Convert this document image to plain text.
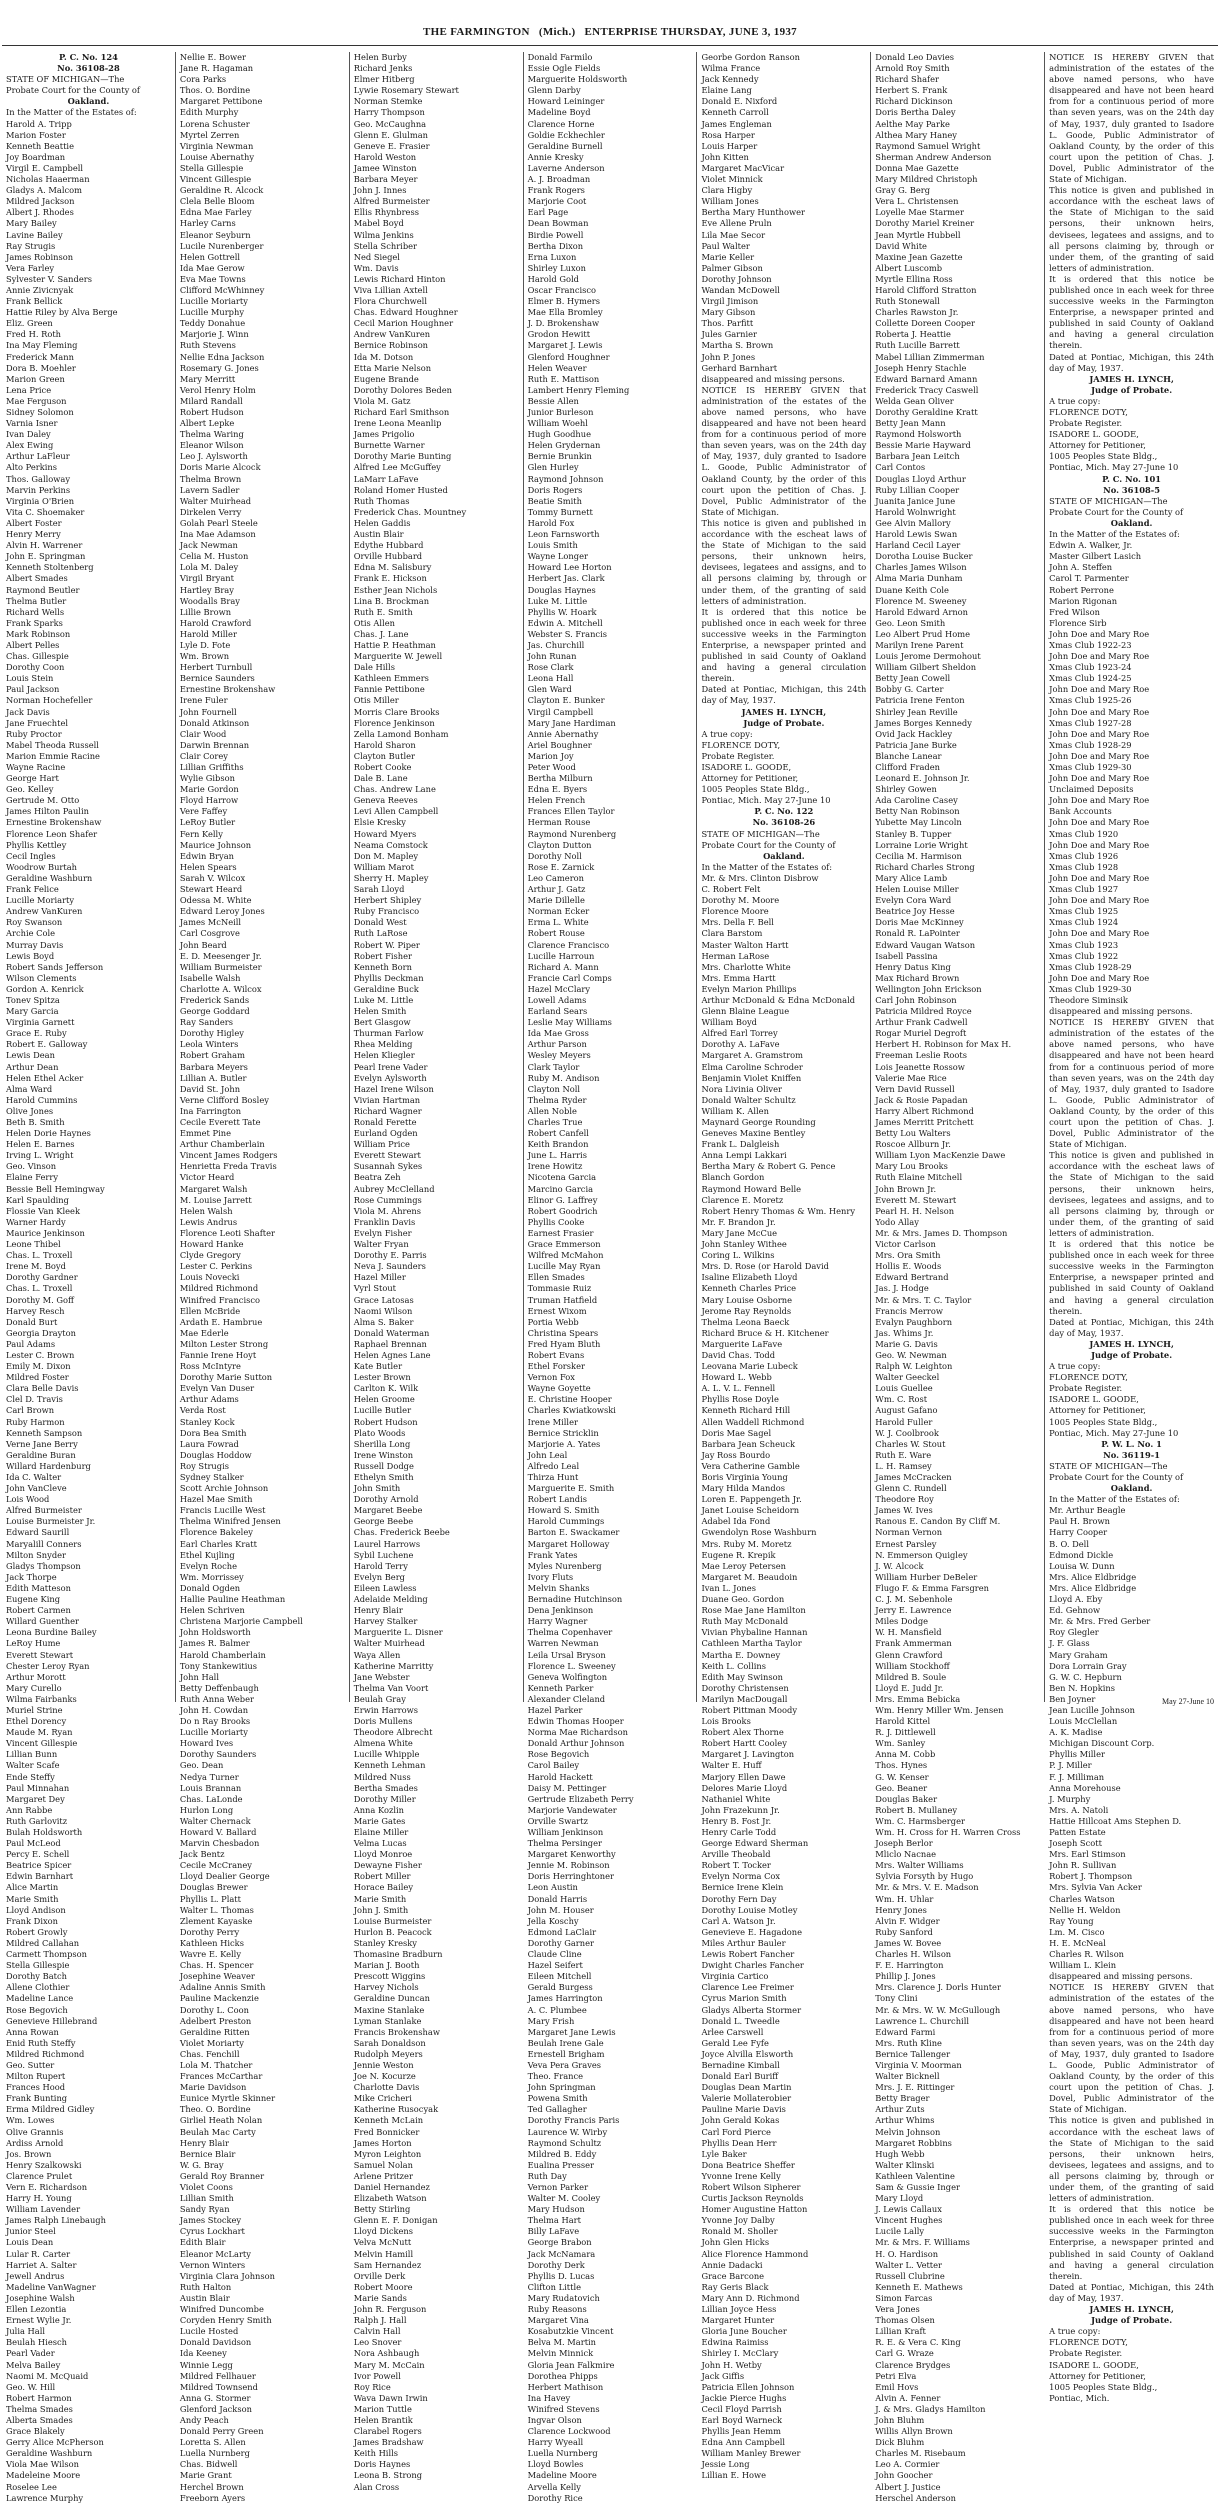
THE FARMINGTON (Mich.) ENTERPRISE THURSDAY, JUNE 3, 1937
P. C. No. 124
No. 36108-28
STATE OF MICHIGAN—The
Probate Court for the County of
Oakland.
In the Matter of the Estates of:
Harold A. Tripp
Marion Foster
Kenneth Beattie
Joy Boardman
Virgil E. Campbell
Nicholas Haaerman
Gladys A. Malcom
Mildred Jackson
Albert J. Rhodes
Mary Bailey
Lavine Bailey
Ray Strugis
James Robinson
Vera Farley
Sylvester V. Sanders
Annie Zivicnyak
Frank Bellick
Hattie Riley by Alva Berge
Eliz. Green
Fred H. Roth
Ina May Fleming
Frederick Mann
Dora B. Moehler
Marion Green
Lena Price
Mae Ferguson
Sidney Solomon
Varnia Isner
Ivan Daley
Alex Ewing
Arthur LaFleur
Alto Perkins
Thos. Galloway
Marvin Perkins
Virginia O'Brien
Vita C. Shoemaker
Albert Foster
Henry Merry
Alvin H. Warrener
John E. Springman
Kenneth Stoltenberg
Albert Smades
Raymond Beutler
Thelma Butler
Richard Wells
Frank Sparks
Mark Robinson
Albert Pelles
Chas. Gillespie
Dorothy Coon
Louis Stein
Paul Jackson
Norman Hochefeller
Jack Davis
Jane Fruechtel
Ruby Proctor
Mabel Theoda Russell
Marion Emmie Racine
Wayne Racine
George Hart
Geo. Kelley
Gertrude M. Otto
James Hilton Paulin
Ernestine Brokenshaw
Florence Leon Shafer
Phyllis Kettley
Cecil Ingles
Woodrow Burtah
Geraldine Washburn
Frank Felice
Lucille Moriarty
Andrew VanKuren
Roy Swanson
Archie Cole
Murray Davis
Lewis Boyd
Robert Sands Jefferson
Wilson Clements
Gordon A. Kenrick
Tonev Spitza
Mary Garcia
Virginia Garnett
Grace E. Ruby
Robert E. Galloway
Lewis Dean
Arthur Dean
Helen Ethel Acker
Alma Ward
Harold Cummins
Olive Jones
Beth B. Smith
Helen Dorie Haynes
Helen E. Barnes
Irving L. Wright
Geo. Vinson
Elaine Ferry
Bessie Bell Hemingway
Karl Spaulding
Flossie Van Kleek
Warner Hardy
Maurice Jenkinson
Leone Thibel
Chas. L. Troxell
Irene M. Boyd
Dorothy Gardner
Chas. L. Troxell
Dorothy M. Goff
Harvey Resch
Donald Burt
Georgia Drayton
Paul Adams
Lester C. Brown
Emily M. Dixon
Mildred Foster
Clara Belle Davis
Clel D. Travis
Carl Brown
Ruby Harmon
Kenneth Sampson
Verne Jane Berry
Geraldine Buran
Willard Hardenburg
Ida C. Walter
John VanCleve
Lois Wood
Alfred Burmeister
Louise Burmeister Jr.
Edward Saurill
Maryalill Conners
Milton Snyder
Gladys Thompson
Jack Thorpe
Edith Matteson
Eugene King
Robert Carmen
Willard Guenther
Leona Burdine Bailey
LeRoy Hume
Everett Stewart
Chester Leroy Ryan
Arthur Morott
Mary Curello
Wilma Fairbanks
Muriel Strine
Ethel Dorency
Maude M. Ryan
Vincent Gillespie
Lillian Bunn
Walter Scafe
Ende Steffy
Paul Minnahan
Margaret Dey
Ann Rabbe
Ruth Garlovitz
Bulah Holdsworth
Paul McLeod
Percy E. Schell
Beatrice Spicer
Edwin Barnhart
Alice Martin
Marie Smith
Lloyd Andison
Frank Dixon
Robert Growly
Mildred Callahan
Carmett Thompson
Stella Gillespie
Dorothy Batch
Allene Clothier
Madeline Lance
Rose Begovich
Genevieve Hillebrand
Anna Rowan
Enid Ruth Steffy
Mildred Richmond
Geo. Sutter
Milton Rupert
Frances Hood
Frank Bunting
Erma Mildred Gidley
Wm. Lowes
Olive Grannis
Ardiss Arnold
Jos. Brown
Henry Szalkowski
Clarence Prulet
Vern E. Richardson
Harry H. Young
William Lavender
James Ralph Linebaugh
Junior Steel
Louis Dean
Lular R. Carter
Harriet A. Salter
Jewell Andrus
Madeline VanWagner
Josephine Walsh
Ellen Lezontia
Ernest Wylie Jr.
Julia Hall
Beulah Hiesch
Pearl Vader
Melva Bailey
Naomi M. McQuaid
Geo. W. Hill
Robert Harmon
Thelma Smades
Alberta Smades
Grace Blakely
Gerry Alice McPherson
Geraldine Washburn
Viola Mae Wilson
Madeleine Moore
Roselee Lee
Lawrence Murphy
Nellie E. Bower
Jane R. Hagaman
Cora Parks
Thos. O. Bordine
Margaret Pettibone
Edith Murphy
Lorena Schuster
Myrtel Zerren
Virginia Newman
Louise Abernathy
Stella Gillespie
Vincent Gillespie
Geraldine R. Alcock
Clela Belle Bloom
Edna Mae Farley
Harley Carns
Eleanor Seyburn
Lucile Nurenberger
Helen Gottrell
Ida Mae Gerow
Eva Mae Towns
Clifford McWhinney
Lucille Moriarty
Lucille Murphy
Teddy Donahue
Marjorie J. Winn
Ruth Stevens
Nellie Edna Jackson
Rosemary G. Jones
Mary Merritt
Verol Henry Holm
Milard Randall
Robert Hudson
Albert Lepke
Thelma Waring
Eleanor Wilson
Leo J. Aylsworth
Doris Marie Alcock
Thelma Brown
Lavern Sadler
Walter Muirhead
Dirkelen Verry
Golah Pearl Steele
Ina Mae Adamson
Jack Newman
Celia M. Huston
Lola M. Daley
Virgil Bryant
Hartley Bray
Woodalls Bray
Lillie Brown
Harold Crawford
Harold Miller
Lyle D. Fote
Wm. Brown
Herbert Turnbull
Bernice Saunders
Ernestine Brokenshaw
Irene Fuler
John Fournell
Donald Atkinson
Clair Wood
Darwin Brennan
Clair Corey
Lillian Griffiths
Wylie Gibson
Marie Gordon
Floyd Harrow
Vere Faffey
LeRoy Butler
Fern Kelly
Maurice Johnson
Edwin Bryan
Helen Spears
Sarah V. Wilcox
Stewart Heard
Odessa M. White
Edward Leroy Jones
James McNeill
Carl Cosgrove
John Beard
E. D. Meesenger Jr.
William Burmeister
Isabelle Walsh
Charlotte A. Wilcox
Frederick Sands
George Goddard
Ray Sanders
Dorothy Higley
Leola Winters
Robert Graham
Barbara Meyers
Lillian A. Butler
David St. John
Verne Clifford Bosley
Ina Farrington
Cecile Everett Tate
Emmet Pine
Arthur Chamberlain
Vincent James Rodgers
Henrietta Freda Travis
Victor Heard
Margaret Walsh
M. Louise Jarrett
Helen Walsh
Lewis Andrus
Florence Leoti Shafter
Howard Hanke
Clyde Gregory
Lester C. Perkins
Louis Novecki
Mildred Richmond
Winifred Francisco
Ellen McBride
Ardath E. Hambrue
Mae Ederle
Milton Lester Strong
Fannie Irene Hoyt
Ross McIntyre
Dorothy Marie Sutton
Evelyn Van Duser
Arthur Adams
Verda Rost
Stanley Kock
Dora Bea Smith
Laura Fowrad
Douglas Hoddow
Roy Strugis
Sydney Stalker
Scott Archie Johnson
Hazel Mae Smith
Francis Lucille West
Thelma Winifred Jensen
Florence Bakeley
Earl Charles Kratt
Ethel Kujling
Evelyn Roche
Wm. Morrissey
Donald Ogden
Hallie Pauline Heathman
Helen Schriven
Christena Marjorie Campbell
John Holdsworth
James R. Balmer
Harold Chamberlain
Tony Stankewitius
John Hall
Betty Deffenbaugh
Ruth Anna Weber
John H. Cowdan
Do n Ray Brooks
Lucille Moriarty
Howard Ives
Dorothy Saunders
Geo. Dean
Nedya Turner
Louis Brannan
Chas. LaLonde
Hurlon Long
Walter Chernack
Howard V. Ballard
Marvin Chesbadon
Jack Bentz
Cecile McCraney
Lloyd Dealier George
Douglas Brewer
Phyllis L. Platt
Walter L. Thomas
Zlement Kayaske
Dorothy Perry
Kathleen Hicks
Wavre E. Kelly
Chas. H. Spencer
Josephine Weaver
Adaline Annis Smith
Pauline Mackenzie
Dorothy L. Coon
Adelbert Preston
Geraldine Ritten
Violet Moriarty
Chas. Fenchill
Lola M. Thatcher
Frances McCarthar
Marie Davidson
Eunice Myrtle Skinner
Theo. O. Bordine
Girliel Heath Nolan
Beulah Mac Carty
Henry Blair
Bernice Blair
W. G. Bray
Gerald Roy Branner
Violet Coons
Lillian Smith
Sandy Ryan
James Stockey
Cyrus Lockhart
Edith Blair
Eleanor McLarty
Vernon Winters
Virginia Clara Johnson
Ruth Halton
Austin Blair
Winifred Duncombe
Coryden Henry Smith
Lucile Hosted
Donald Davidson
Ida Keeney
Winnie Legg
Mildred Fellhauer
Mildred Townsend
Anna G. Stormer
Glenford Jackson
Andy Peach
Donald Perry Green
Loretta S. Allen
Luella Nurnberg
Chas. Bidwell
Marie Grant
Herchel Brown
Freeborn Ayers
Helen Burby
Richard Jenks
Elmer Hitberg
Lywie Rosemary Stewart
Norman Stemke
Harry Thompson
Geo. McCaughna
Glenn E. Glulman
Geneve E. Frasier
Harold Weston
Jamee Winston
Barbara Meyer
John J. Innes
Alfred Burmeister
Ellis Rhynbress
Mabel Boyd
Wilma Jenkins
Stella Schriber
Ned Siegel
Wm. Davis
Lewis Richard Hinton
Viva Lillian Axtell
Flora Churchwell
Chas. Edward Houghner
Cecil Marion Houghner
Andrew VanKuren
Bernice Robinson
Ida M. Dotson
Etta Marie Nelson
Eugene Brande
Dorothy Dolores Beden
Viola M. Gatz
Richard Earl Smithson
Irene Leona Meanlip
James Prigolio
Burnette Warner
Dorothy Marie Bunting
Alfred Lee McGuffey
LaMarr LaFave
Roland Homer Husted
Ruth Thomas
Frederick Chas. Mountney
Helen Gaddis
Austin Blair
Edythe Hubbard
Orville Hubbard
Edna M. Salisbury
Frank E. Hickson
Esther Jean Nichols
Lina B. Brockman
Ruth E. Smith
Otis Allen
Chas. J. Lane
Hattie P. Heathman
Marguerite W. Jewell
Dale Hills
Kathleen Emmers
Fannie Pettibone
Otis Miller
Morris Clare Brooks
Florence Jenkinson
Zella Lamond Bonham
Harold Sharon
Clayton Butler
Robert Cooke
Dale B. Lane
Chas. Andrew Lane
Geneva Reeves
Levi Allen Campbell
Elsie Kresky
Howard Myers
Neama Comstock
Don M. Mapley
William Marot
Sherry H. Mapley
Sarah Lloyd
Herbert Shipley
Ruby Francisco
Donald West
Ruth LaRose
Robert W. Piper
Robert Fisher
Kenneth Born
Phyllis Deckman
Geraldine Buck
Luke M. Little
Helen Smith
Bert Glasgow
Thurman Farlow
Rhea Melding
Helen Kliegler
Pearl Irene Vader
Evelyn Aylsworth
Hazel Irene Wilson
Vivian Hartman
Richard Wagner
Ronald Ferette
Eurland Ogden
William Price
Everett Stewart
Susannah Sykes
Beatra Zeh
Aubrey McClelland
Rose Cummings
Viola M. Ahrens
Franklin Davis
Evelyn Fisher
Walter Fryan
Dorothy E. Parris
Neva J. Saunders
Hazel Miller
Vyrl Stout
Grace Latosas
Naomi Wilson
Alma S. Baker
Donald Waterman
Raphael Brennan
Helen Agnes Lane
Kate Butler
Lester Brown
Carlton K. Wilk
Helen Groome
Lucille Butler
Robert Hudson
Plato Woods
Sherilla Long
Irene Winston
Russell Dodge
Ethelyn Smith
John Smith
Dorothy Arnold
Margaret Beebe
George Beebe
Chas. Frederick Beebe
Laurel Harrows
Sybil Luchene
Harold Terry
Evelyn Berg
Eileen Lawless
Adelaide Melding
Henry Blair
Harvey Stalker
Marguerite L. Disner
Walter Muirhead
Waya Allen
Katherine Marritty
Jane Webster
Thelma Van Voort
Beulah Gray
Erwin Harrows
Doris Mullens
Theodore Albrecht
Almena White
Lucille Whipple
Kenneth Lehman
Mildred Nuss
Bertha Smades
Dorothy Miller
Anna Kozlin
Marie Gates
Elaine Miller
Velma Lucas
Lloyd Monroe
Dewayne Fisher
Robert Miller
Horace Bailey
Marie Smith
John J. Smith
Louise Burmeister
Hurlon B. Peacock
Stanley Kresky
Thomasine Bradburn
Marian J. Booth
Prescott Wiggins
Harvey Nichols
Geraldine Duncan
Maxine Stanlake
Lyman Stanlake
Francis Brokenshaw
Sarah Donaldson
Rudolph Meyers
Jennie Weston
Joe N. Kocurze
Charlotte Davis
Mike Cricheri
Katherine Rusocyak
Kenneth McLain
Fred Bonnicker
James Horton
Myron Leighton
Samuel Nolan
Arlene Pritzer
Daniel Hernandez
Elizabeth Watson
Betty Stirling
Glenn E. F. Donigan
Lloyd Dickens
Velva McNutt
Melvin Hamill
Sam Hernandez
Orville Derk
Robert Moore
Marie Sands
John R. Ferguson
Ralph J. Hall
Calvin Hall
Leo Snover
Nora Ashbaugh
Mary M. McCain
Ivor Powell
Roy Rice
Wava Dawn Irwin
Marion Tuttle
Helen Brantik
Clarabel Rogers
James Bradshaw
Keith Hills
Doris Haynes
Leona B. Strong
Alan Cross
Donald Farmilo
Essie Ogle Fields
Marguerite Holdsworth
Glenn Darby
Howard Leininger
Madeline Boyd
Clarence Horne
Goldie Eckhechler
Geraldine Burnell
Annie Kresky
Laverne Anderson
A. J. Broadman
Frank Rogers
Marjorie Coot
Earl Page
Dean Bowman
Birdie Powell
Bertha Dixon
Erna Luxon
Shirley Luxon
Harold Gold
Oscar Francisco
Elmer B. Hymers
Mae Ella Bromley
J. D. Brokenshaw
Grodon Hewitt
Margaret J. Lewis
Glenford Houghner
Helen Weaver
Ruth E. Mattison
Lambert Henry Fleming
Bessie Allen
Junior Burleson
William Woehl
Hugh Goodhue
Helen Grydernan
Bernie Brunkin
Glen Hurley
Raymond Johnson
Doris Rogers
Beatie Smith
Tommy Burnett
Harold Fox
Leon Farnsworth
Louis Smith
Wayne Longer
Howard Lee Horton
Herbert Jas. Clark
Douglas Haynes
Luke M. Little
Phyllis W. Hoark
Edwin A. Mitchell
Webster S. Francis
Jas. Churchill
John Runan
Rose Clark
Leona Hall
Glen Ward
Clayton E. Bunker
Virgil Campbell
Mary Jane Hardiman
Annie Abernathy
Ariel Boughner
Marion Joy
Peter Wood
Bertha Milburn
Edna E. Byers
Helen French
Frances Ellen Taylor
Herman Rouse
Raymond Nurenberg
Clayton Dutton
Dorothy Noll
Rose E. Zarnick
Leo Cameron
Arthur J. Gatz
Marie Dillelle
Norman Ecker
Erma L. White
Robert Rouse
Clarence Francisco
Lucille Harroun
Richard A. Mann
Francie Carl Comps
Hazel McClary
Lowell Adams
Earland Sears
Leslie May Williams
Ida Mae Gross
Arthur Parson
Wesley Meyers
Clark Taylor
Ruby M. Andison
Clayton Noll
Thelma Ryder
Allen Noble
Charles True
Robert Canfell
Keith Brandon
June L. Harris
Irene Howitz
Nicotena Garcia
Marcino Garcia
Elinor G. Laffrey
Robert Goodrich
Phyllis Cooke
Earnest Frasier
Grace Emmerson
Wilfred McMahon
Lucille May Ryan
Ellen Smades
Tommasie Ruiz
Truman Hatfield
Ernest Wixom
Portia Webb
Christina Spears
Fred Hyam Bluth
Robert Evans
Ethel Forsker
Vernon Fox
Wayne Goyette
E. Christine Hooper
Charles Kwiatkowski
Irene Miller
Bernice Stricklin
Marjorie A. Yates
John Leal
Alfredo Leal
Thirza Hunt
Marguerite E. Smith
Robert Landis
Howard S. Smith
Harold Cummings
Barton E. Swackamer
Margaret Holloway
Frank Yates
Myles Nurenberg
Ivory Fluts
Melvin Shanks
Bernadine Hutchinson
Dena Jenkinson
Harry Wagner
Thelma Copenhaver
Warren Newman
Leila Ursal Bryson
Florence L. Sweeney
Geneva Wolfington
Kenneth Parker
Alexander Cleland
Hazel Parker
Edwin Thomas Hooper
Norma Mae Richardson
Donald Arthur Johnson
Rose Begovich
Carol Bailey
Harold Hackett
Daisy M. Pettinger
Gertrude Elizabeth Perry
Marjorie Vandewater
Orville Swartz
William Jenkinson
Thelma Persinger
Margaret Kenworthy
Jennie M. Robinson
Doris Herringhtoner
Leon Austin
Donald Harris
John M. Houser
Jella Koschy
Edmond LaClair
Dorothy Garner
Claude Cline
Hazel Seifert
Eileen Mitchell
Gerald Burgess
James Harrington
A. C. Plumbee
Mary Frish
Margaret Jane Lewis
Beulah Irene Gale
Ernestell Brigham
Veva Pera Graves
Theo. France
John Springman
Powena Smith
Ted Gallagher
Dorothy Francis Paris
Laurence W. Wirby
Raymond Schultz
Mildred B. Eddy
Eualina Presser
Ruth Day
Vernon Parker
Walter M. Cooley
Mary Hudson
Thelma Hart
Billy LaFave
George Brabon
Jack McNamara
Dorothy Derk
Phyllis D. Lucas
Clifton Little
Mary Rudatovich
Ruby Reasons
Margaret Vina
Kosabutzkie Vincent
Belva M. Martin
Melvin Minnick
Gloria Jean Falkmire
Dorothea Phipps
Herbert Mathison
Ina Havey
Winifred Stevens
Ingvar Olson
Clarence Lockwood
Harry Wyeall
Luella Nurnberg
Lloyd Bowles
Madeline Moore
Arvella Kelly
Dorothy Rice
Georbe Gordon Ranson
Wilma France
Jack Kennedy
Elaine Lang
Donald E. Nixford
Kenneth Carroll
James Engleman
Rosa Harper
Louis Harper
John Kitten
Margaret MacVicar
Violet Minnick
Clara Higby
William Jones
Bertha Mary Hunthower
Eve Allene Pruln
Lila Mae Secor
Paul Walter
Marie Keller
Palmer Gibson
Dorothy Johnson
Wandan McDowell
Virgil Jimison
Mary Gibson
Thos. Parfitt
Jules Garnier
Martha S. Brown
John P. Jones
Gerhard Barnhart
disappeared and missing persons.
NOTICE IS HEREBY GIVEN that administration of the estates of the above named persons, who have disappeared and have not been heard from for a continuous period of more than seven years, was on the 24th day of May, 1937, duly granted to Isadore L. Goode, Public Administrator of Oakland County, by the order of this court upon the petition of Chas. J. Dovel, Public Administrator of the State of Michigan.
This notice is given and published in accordance with the escheat laws of the State of Michigan to the said persons, their unknown heirs, devisees, legatees and assigns, and to all persons claiming by, through or under them, of the granting of said letters of administration.
It is ordered that this notice be published once in each week for three successive weeks in the Farmington Enterprise, a newspaper printed and published in said County of Oakland and having a general circulation therein.
Dated at Pontiac, Michigan, this 24th day of May, 1937.
JAMES H. LYNCH,
Judge of Probate.
A true copy:
FLORENCE DOTY,
Probate Register.
ISADORE L. GOODE,
Attorney for Petitioner,
1005 Peoples State Bldg.,
Pontiac, Mich. May 27-June 10
P. C. No. 122
No. 36108-26
STATE OF MICHIGAN—The
Probate Court for the County of
Oakland.
In the Matter of the Estates of:
Mr. & Mrs. Clinton Disbrow
C. Robert Felt
Dorothy M. Moore
Florence Moore
Mrs. Della F. Bell
Clara Barstom
Master Walton Hartt
Herman LaRose
Mrs. Charlotte White
Mrs. Emma Hartt
Evelyn Marion Phillips
Arthur McDonald & Edna McDonald
Glenn Blaine League
William Boyd
Alfred Earl Torrey
Dorothy A. LaFave
Margaret A. Gramstrom
Elma Caroline Schroder
Benjamin Violet Kniffen
Nora Livinia Oliver
Donald Walter Schultz
William K. Allen
Maynard George Rounding
Geneves Maxine Bentley
Frank L. Dalgleish
Anna Lempi Lakkari
Bertha Mary & Robert G. Pence
Blanch Gordon
Raymond Howard Belle
Clarence E. Moretz
Robert Henry Thomas & Wm. Henry
Mr. F. Brandon Jr.
Mary Jane McCue
John Stanley Withee
Coring L. Wilkins
Mrs. D. Rose (or Harold David
Isaline Elizabeth Lloyd
Kenneth Charles Price
Mary Louise Osborne
Jerome Ray Reynolds
Thelma Leona Baeck
Richard Bruce & H. Kitchener
Marguerite LaFave
David Chas. Todd
Leovana Marie Lubeck
Howard L. Webb
A. L. V. L. Fennell
Phyllis Rose Doyle
Kenneth Richard Hill
Allen Waddell Richmond
Doris Mae Sagel
Barbara Jean Scheuck
Jay Ross Bourdo
Vera Catherine Gamble
Boris Virginia Young
Mary Hilda Mandos
Loren E. Pappengeth Jr.
Janet Louise Scheidorn
Adabel Ida Fond
Gwendolyn Rose Washburn
Mrs. Ruby M. Moretz
Eugene R. Krepik
Mae Leroy Petersen
Margaret M. Beaudoin
Ivan L. Jones
Duane Geo. Gordon
Rose Mae Jane Hamilton
Ruth May McDonald
Vivian Phybaline Hannan
Cathleen Martha Taylor
Martha E. Downey
Keith L. Collins
Edith May Swinson
Dorothy Christensen
Marilyn MacDougall
Robert Pittman Moody
Lois Brooks
Robert Alex Thorne
Robert Hartt Cooley
Margaret J. Lavington
Walter E. Huff
Marjory Ellen Dawe
Delores Marie Lloyd
Nathaniel White
John Frazekunn Jr.
Henry B. Fost Jr.
Henry Carle Todd
George Edward Sherman
Arville Theobald
Robert T. Tocker
Evelyn Norma Cox
Bernice Irene Klein
Dorothy Fern Day
Dorothy Louise Motley
Carl A. Watson Jr.
Genevieve E. Hagadone
Miles Arthur Bauler
Lewis Robert Fancher
Dwight Charles Fancher
Virginia Cartico
Clarence Lee Freimer
Cyrus Marion Smith
Gladys Alberta Stormer
Donald L. Tweedle
Arlee Carswell
Gerald Lee Fyfe
Joyce Alvilla Elsworth
Bernadine Kimball
Donald Earl Buriff
Douglas Dean Martin
Valerie Mollaterobier
Pauline Marie Davis
John Gerald Kokas
Carl Ford Pierce
Phyllis Dean Herr
Lyle Baker
Dona Beatrice Sheffer
Yvonne Irene Kelly
Robert Wilson Sipherer
Curtis Jackson Reynolds
Homer Augustine Hatton
Yvonne Joy Dalby
Ronald M. Sholler
John Glen Hicks
Alice Florence Hammond
Annie Dadacki
Grace Barcone
Ray Geris Black
Mary Ann D. Richmond
Lillian Joyce Hess
Margaret Hunter
Gloria June Boucher
Edwina Raimiss
Shirley I. McClary
John H. Wetby
Jack Giffis
Patricia Ellen Johnson
Jackie Pierce Hughs
Cecil Floyd Parrish
Earl Boyd Warneck
Phyllis Jean Hemm
Edna Ann Campbell
William Manley Brewer
Jessie Long
Lillian E. Howe
Donald Leo Davies
Arnold Roy Smith
Richard Shafer
Herbert S. Frank
Richard Dickinson
Doris Bertha Daley
Aelthe May Parke
Althea Mary Haney
Raymond Samuel Wright
Sherman Andrew Anderson
Donna Mae Gazette
Mary Mildred Christoph
Gray G. Berg
Vera L. Christensen
Loyelle Mae Starmer
Dorothy Mariel Kreiner
Jean Myrtle Hubbell
David White
Maxine Jean Gazette
Albert Luscomb
Myrtle Ellina Ross
Harold Clifford Stratton
Ruth Stonewall
Charles Rawston Jr.
Collette Doreen Cooper
Roberta J. Heattie
Ruth Lucille Barrett
Mabel Lillian Zimmerman
Joseph Henry Stachle
Edward Barnard Amann
Frederick Tracy Caswell
Welda Gean Oliver
Dorothy Geraldine Kratt
Betty Jean Mann
Raymond Holsworth
Bessie Marie Hayward
Barbara Jean Leitch
Carl Contos
Douglas Lloyd Arthur
Ruby Lillian Cooper
Juanita Janice June
Harold Wolnwright
Gee Alvin Mallory
Harold Lewis Swan
Harland Cecil Layer
Dorotha Louise Bucker
Charles James Wilson
Alma Maria Dunham
Duane Keith Cole
Florence M. Sweeney
Harold Edward Arnon
Geo. Leon Smith
Leo Albert Prud Home
Marilyn Irene Parent
Louis Jerome Dermohout
William Gilbert Sheldon
Betty Jean Cowell
Bobby G. Carter
Patricia Irene Fenton
Shirley Jean Reville
James Borges Kennedy
Ovid Jack Hackley
Patricia Jane Burke
Blanche Lanear
Clifford Fraden
Leonard E. Johnson Jr.
Shirley Gowen
Ada Caroline Casey
Betty Nan Robinson
Yubette May Lincoln
Stanley B. Tupper
Lorraine Lorie Wright
Cecilia M. Harmison
Richard Charles Strong
Mary Alice Lamb
Helen Louise Miller
Evelyn Cora Ward
Beatrice Joy Hesse
Doris Mae McKinney
Ronald R. LaPointer
Edward Vaugan Watson
Isabell Passina
Henry Datus King
Max Richard Brown
Wellington John Erickson
Carl John Robinson
Patricia Mildred Royce
Arthur Frank Cadwell
Rogar Muriel Degroft
Herbert H. Robinson for Max H.
Freeman Leslie Roots
Lois Jeanette Rossow
Valerie Mae Rice
Vern David Russell
Jack & Rosie Papadan
Harry Albert Richmond
James Merritt Pritchett
Betty Lou Walters
Roscoe Allburn Jr.
William Lyon MacKenzie Dawe
Mary Lou Brooks
Ruth Elaine Mitchell
John Brown Jr.
Everett M. Stewart
Pearl H. H. Nelson
Yodo Allay
Mr. & Mrs. James D. Thompson
Victor Carlson
Mrs. Ora Smith
Hollis E. Woods
Edward Bertrand
Jas. J. Hodge
Mr. & Mrs. T. C. Taylor
Francis Merrow
Evalyn Paughborn
Jas. Whims Jr.
Marie G. Davis
Geo. W. Newman
Ralph W. Leighton
Walter Geeckel
Louis Guellee
Wm. C. Rost
August Gafano
Harold Fuller
W. J. Coolbrook
Charles W. Stout
Ruth E. Ware
L. H. Ramsey
James McCracken
Glenn C. Rundell
Theodore Roy
James W. Ives
Ranous E. Candon By Cliff M.
Norman Vernon
Ernest Parsley
N. Emmerson Quigley
J. W. Alcock
William Hurber DeBeler
Flugo F. & Emma Farsgren
C. J. M. Sebenhole
Jerry E. Lawrence
Miles Dodge
W. H. Mansfield
Frank Ammerman
Glenn Crawford
William Stockhoff
Mildred B. Soule
Lloyd E. Judd Jr.
Mrs. Emma Bebicka
Wm. Henry Miller Wm. Jensen
Harold Kittel
R. J. Dittlewell
Wm. Sanley
Anna M. Cobb
Thos. Hynes
G. W. Kenser
Geo. Beaner
Douglas Baker
Robert B. Mullaney
Wm. C. Harmsberger
Wm. H. Cross for H. Warren Cross
Joseph Berlor
Mliclo Nacnae
Mrs. Walter Williams
Sylvia Forsyth by Hugo
Mr. & Mrs. V. E. Madson
Wm. H. Uhlar
Henry Jones
Alvin F. Widger
Ruby Sanford
James W. Bovee
Charles H. Wilson
F. E. Harrington
Phillip J. Jones
Mrs. Clarence J. Dorls Hunter
Tony Clini
Mr. & Mrs. W. W. McGullough
Lawrence L. Churchill
Edward Farmi
Mrs. Ruth Kline
Bernice Tallenger
Virginia V. Moorman
Walter Bicknell
Mrs. J. E. Rittinger
Betty Brager
Arthur Zuts
Arthur Whims
Melvin Johnson
Margaret Robbins
Hugh Webb
Walter Klinski
Kathleen Valentine
Sam & Gussie Inger
Mary Lloyd
J. Lewis Callaux
Vincent Hughes
Lucile Lally
Mr. & Mrs. F. Williams
H. O. Hardison
Walter L. Vetter
Russell Clubrine
Kenneth E. Mathews
Simon Farcas
Vera Jones
Thomas Olsen
Lillian Kraft
R. E. & Vera C. King
Carl G. Wraze
Clarence Brydges
Petri Elva
Emil Hovs
Alvin A. Fenner
J. & Mrs. Gladys Hamilton
John Bluhm
Willis Allyn Brown
Dick Bluhm
Charles M. Risebaum
Leo A. Cormier
John Goocher
Albert J. Justice
Herschel Anderson
NOTICE IS HEREBY GIVEN that administration of the estates of the above named persons, who have disappeared and have not been heard from for a continuous period of more than seven years, was on the 24th day of May, 1937, duly granted to Isadore L. Goode, Public Administrator of Oakland County, by the order of this court upon the petition of Chas. J. Dovel, Public Administrator of the State of Michigan.
This notice is given and published in accordance with the escheat laws of the State of Michigan to the said persons, their unknown heirs, devisees, legatees and assigns, and to all persons claiming by, through or under them, of the granting of said letters of administration.
It is ordered that this notice be published once in each week for three successive weeks in the Farmington Enterprise, a newspaper printed and published in said County of Oakland and having a general circulation therein.
Dated at Pontiac, Michigan, this 24th day of May, 1937.
JAMES H. LYNCH,
Judge of Probate.
A true copy:
FLORENCE DOTY,
Probate Register.
ISADORE L. GOODE,
Attorney for Petitioner,
1005 Peoples State Bldg.,
Pontiac, Mich. May 27-June 10
P. C. No. 101
No. 36108-5
STATE OF MICHIGAN—The
Probate Court for the County of
Oakland.
In the Matter of the Estates of:
Edwin A. Walker, Jr.
Master Gilbert Lasich
John A. Steffen
Carol T. Parmenter
Robert Perrone
Marion Rigonan
Fred Wilson
Florence Sirb
John Doe and Mary Roe
Xmas Club 1922-23
John Doe and Mary Roe
Xmas Club 1923-24
Xmas Club 1924-25
John Doe and Mary Roe
Xmas Club 1925-26
John Doe and Mary Roe
Xmas Club 1927-28
John Doe and Mary Roe
Xmas Club 1928-29
John Doe and Mary Roe
Xmas Club 1929-30
John Doe and Mary Roe
Unclaimed Deposits
John Doe and Mary Roe
Bank Accounts
John Doe and Mary Roe
Xmas Club 1920
John Doe and Mary Roe
Xmas Club 1926
Xmas Club 1928
John Doe and Mary Roe
Xmas Club 1927
John Doe and Mary Roe
Xmas Club 1925
Xmas Club 1924
John Doe and Mary Roe
Xmas Club 1923
Xmas Club 1922
Xmas Club 1928-29
John Doe and Mary Roe
Xmas Club 1929-30
Theodore Siminsik
disappeared and missing persons.
NOTICE IS HEREBY GIVEN that administration of the estates of the above named persons, who have disappeared and have not been heard from for a continuous period of more than seven years, was on the 24th day of May, 1937, duly granted to Isadore L. Goode, Public Administrator of Oakland County, by the order of this court upon the petition of Chas. J. Dovel, Public Administrator of the State of Michigan.
This notice is given and published in accordance with the escheat laws of the State of Michigan to the said persons, their unknown heirs, devisees, legatees and assigns, and to all persons claiming by, through or under them, of the granting of said letters of administration.
It is ordered that this notice be published once in each week for three successive weeks in the Farmington Enterprise, a newspaper printed and published in said County of Oakland and having a general circulation therein.
Dated at Pontiac, Michigan, this 24th day of May, 1937.
JAMES H. LYNCH,
Judge of Probate.
A true copy:
FLORENCE DOTY,
Probate Register.
ISADORE L. GOODE,
Attorney for Petitioner,
1005 Peoples State Bldg.,
Pontiac, Mich. May 27-June 10
P. W. L. No. 1
No. 36119-1
STATE OF MICHIGAN—The
Probate Court for the County of
Oakland.
In the Matter of the Estates of:
Mr. Arthur Beagle
Paul H. Brown
Harry Cooper
B. O. Dell
Edmond Dickle
Louisa W. Dunn
Mrs. Alice Eldbridge
Mrs. Alice Eldbridge
Lloyd A. Eby
Ed. Gehnow
Mr. & Mrs. Fred Gerber
Roy Glegler
J. F. Glass
Mary Graham
Dora Lorrain Gray
G. W. C. Hepburn
Ben N. Hopkins
Ben Joyner
Jean Lucille Johnson
Louis McClellan
A. K. Madise
Michigan Discount Corp.
Phyllis Miller
P. J. Miller
F. J. Milliman
Anna Morehouse
J. Murphy
Mrs. A. Natoli
Hattie Hillcoat Ams Stephen D.
Patten Estate
Joseph Scott
Mrs. Earl Stimson
John R. Sullivan
Robert J. Thompson
Mrs. Sylvia Van Acker
Charles Watson
Nellie H. Weldon
Ray Young
Lm. M. Cisco
H. E. McNeal
Charles R. Wilson
William L. Klein
disappeared and missing persons.
NOTICE IS HEREBY GIVEN that administration of the estates of the above named persons, who have disappeared and have not been heard from for a continuous period of more than seven years, was on the 24th day of May, 1937, duly granted to Isadore L. Goode, Public Administrator of Oakland County, by the order of this court upon the petition of Chas. J. Dovel, Public Administrator of the State of Michigan.
This notice is given and published in accordance with the escheat laws of the State of Michigan to the said persons, their unknown heirs, devisees, legatees and assigns, and to all persons claiming by, through or under them, of the granting of said letters of administration.
It is ordered that this notice be published once in each week for three successive weeks in the Farmington Enterprise, a newspaper printed and published in said County of Oakland and having a general circulation therein.
Dated at Pontiac, Michigan, this 24th day of May, 1937.
JAMES H. LYNCH,
Judge of Probate.
A true copy:
FLORENCE DOTY,
Probate Register.
ISADORE L. GOODE,
Attorney for Petitioner,
1005 Peoples State Bldg.,
Pontiac, Mich.
May 27-June 10
